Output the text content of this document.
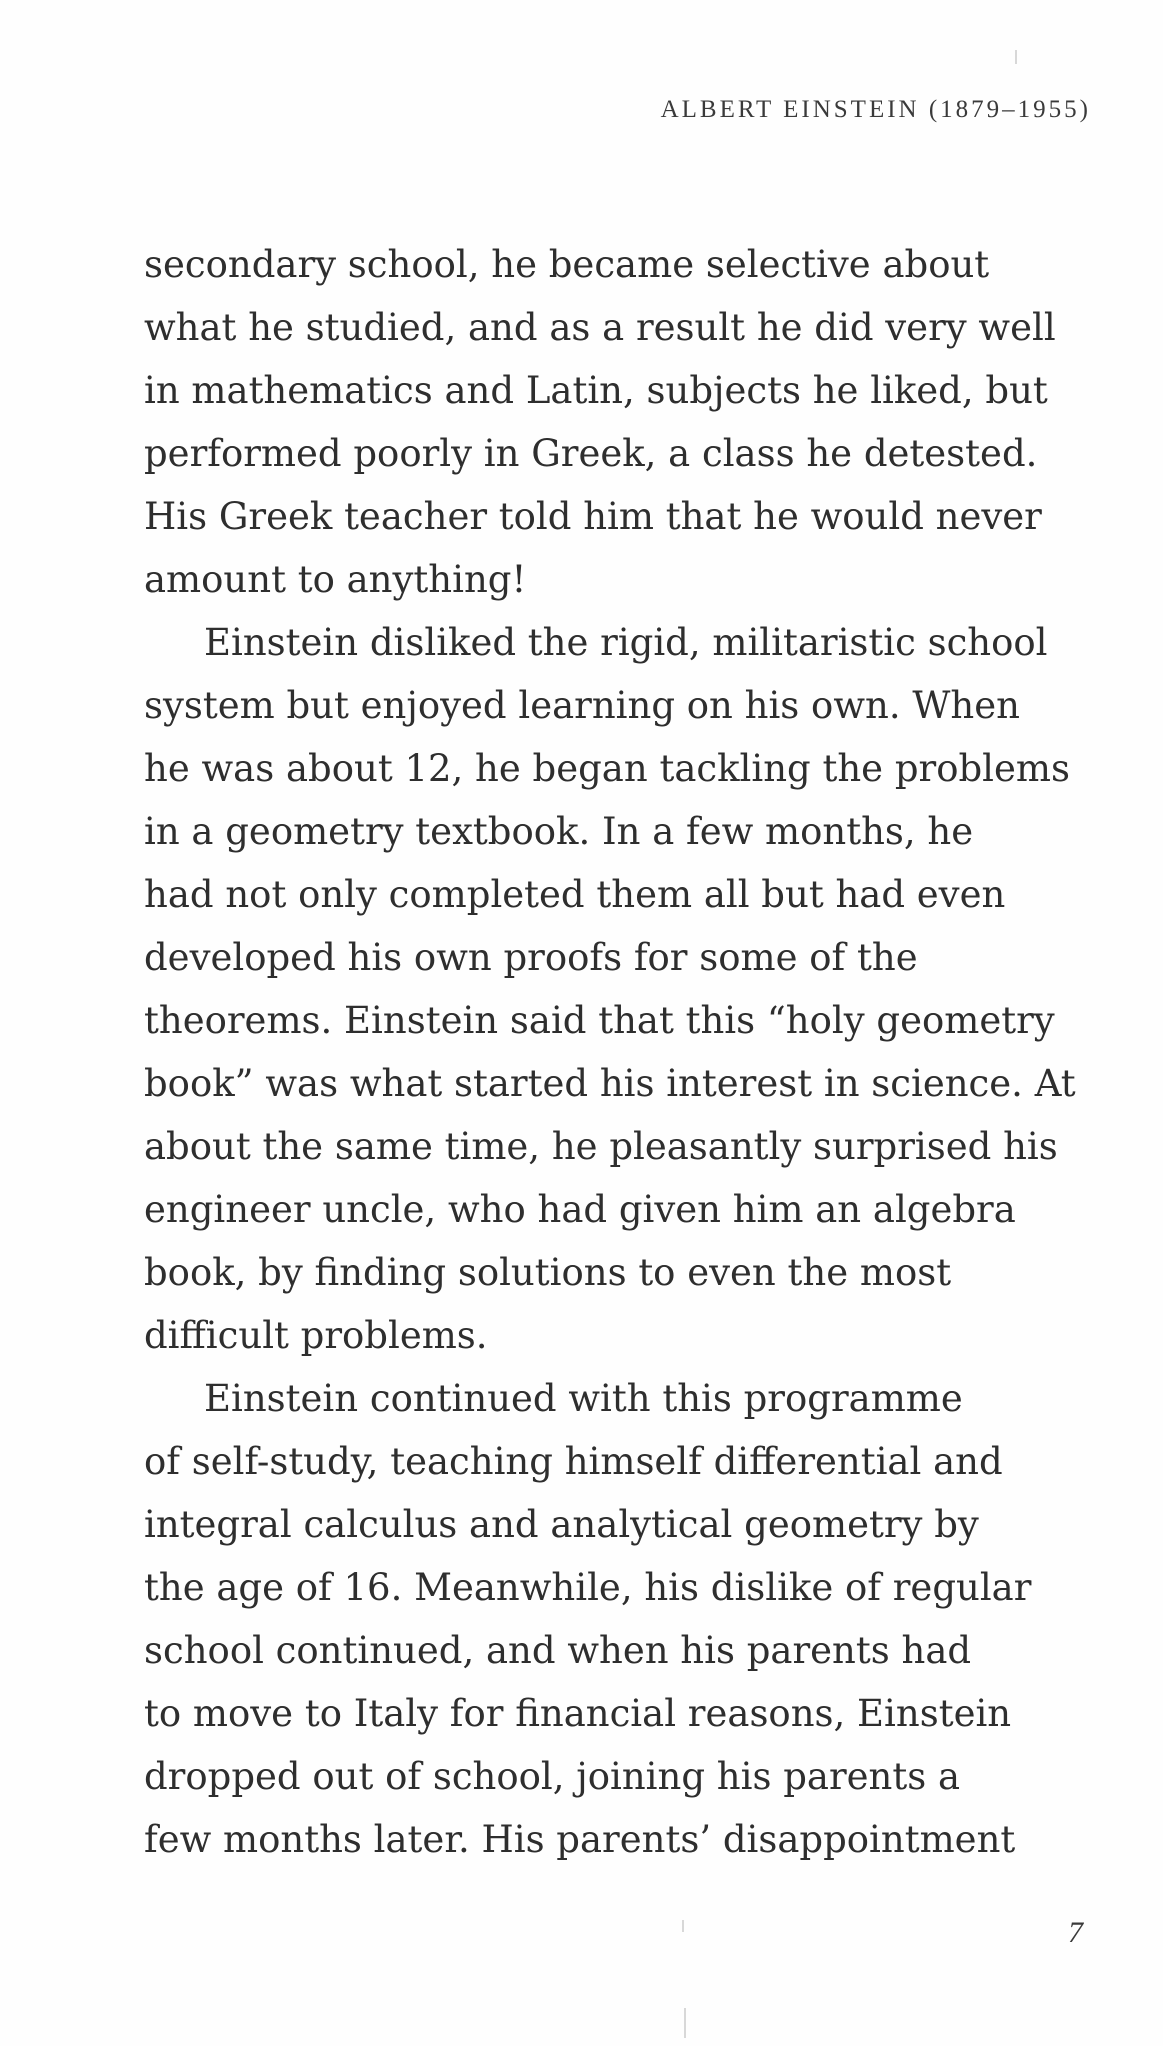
ALBERT EINSTEIN (1879–1955)
secondary school, he became selective about
what he studied, and as a result he did very well
in mathematics and Latin, subjects he liked, but
performed poorly in Greek, a class he detested.
His Greek teacher told him that he would never
amount to anything!
Einstein disliked the rigid, militaristic school
system but enjoyed learning on his own. When
he was about 12, he began tackling the problems
in a geometry textbook. In a few months, he
had not only completed them all but had even
developed his own proofs for some of the
theorems. Einstein said that this “holy geometry
book” was what started his interest in science. At
about the same time, he pleasantly surprised his
engineer uncle, who had given him an algebra
book, by finding solutions to even the most
difficult problems.
Einstein continued with this programme
of self-study, teaching himself differential and
integral calculus and analytical geometry by
the age of 16. Meanwhile, his dislike of regular
school continued, and when his parents had
to move to Italy for financial reasons, Einstein
dropped out of school, joining his parents a
few months later. His parents’ disappointment
7
